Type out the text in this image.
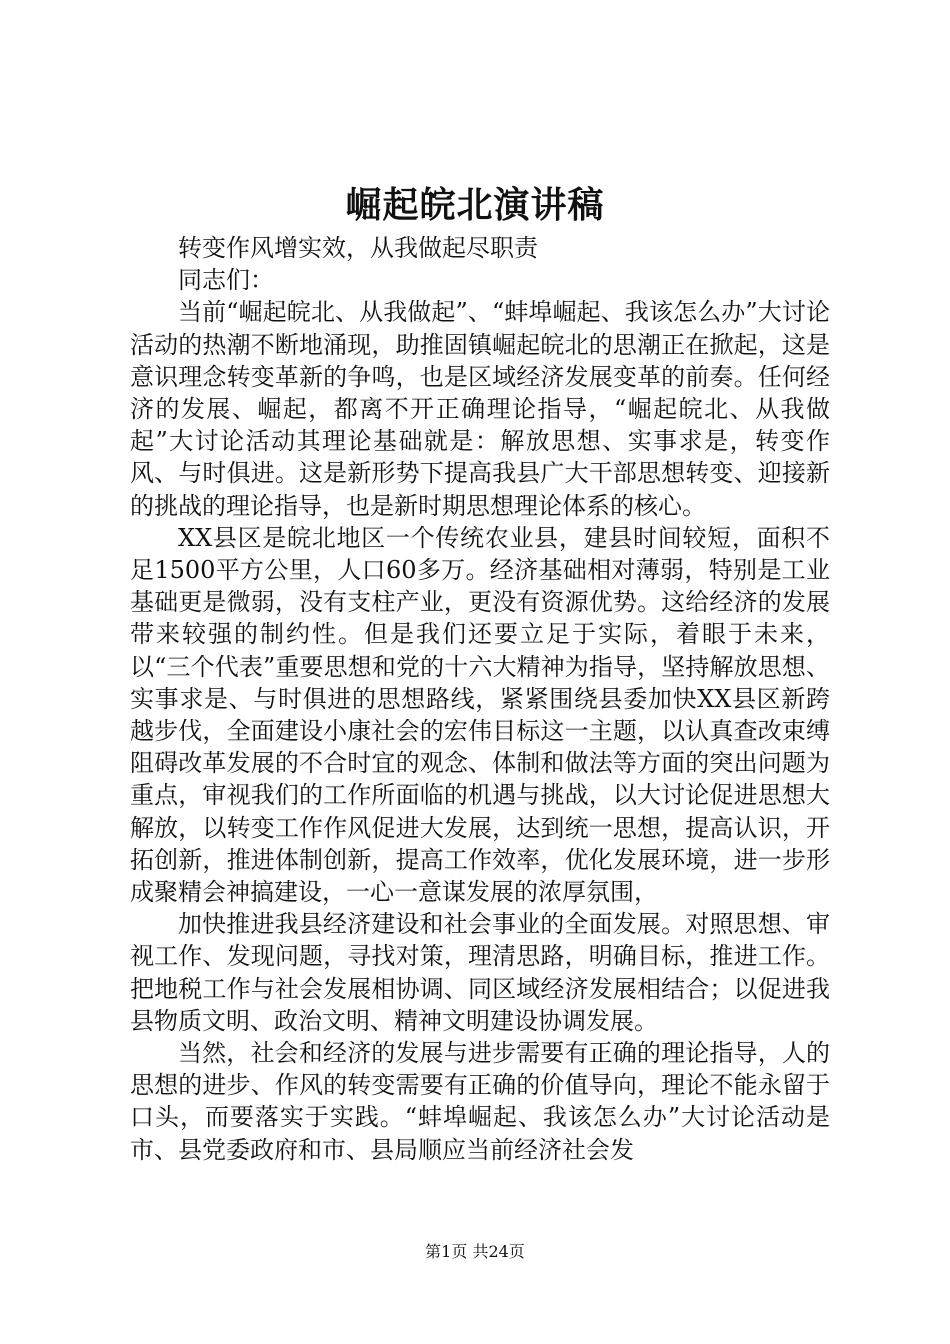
崛起皖北演讲稿

转变作风增实效，从我做起尽职责

同志们：

当前“崛起皖北、从我做起”、“蚌埠崛起、我该怎么办”大讨论活动的热潮不断地涌现，助推固镇崛起皖北的思潮正在掀起，这是意识理念转变革新的争鸣，也是区域经济发展变革的前奏。任何经济的发展、崛起，都离不开正确理论指导，“崛起皖北、从我做起”大讨论活动其理论基础就是：解放思想、实事求是，转变作风、与时俱进。这是新形势下提高我县广大干部思想转变、迎接新的挑战的理论指导，也是新时期思想理论体系的核心。

XX县区是皖北地区一个传统农业县，建县时间较短，面积不足1500平方公里，人口60多万。经济基础相对薄弱，特别是工业基础更是微弱，没有支柱产业，更没有资源优势。这给经济的发展带来较强的制约性。但是我们还要立足于实际，着眼于未来，以“三个代表”重要思想和党的十六大精神为指导，坚持解放思想、实事求是、与时俱进的思想路线，紧紧围绕县委加快XX县区新跨越步伐，全面建设小康社会的宏伟目标这一主题，以认真查改束缚阻碍改革发展的不合时宜的观念、体制和做法等方面的突出问题为重点，审视我们的工作所面临的机遇与挑战，以大讨论促进思想大解放，以转变工作作风促进大发展，达到统一思想，提高认识，开拓创新，推进体制创新，提高工作效率，优化发展环境，进一步形成聚精会神搞建设，一心一意谋发展的浓厚氛围，

加快推进我县经济建设和社会事业的全面发展。对照思想、审视工作、发现问题，寻找对策，理清思路，明确目标，推进工作。把地税工作与社会发展相协调、同区域经济发展相结合；以促进我县物质文明、政治文明、精神文明建设协调发展。

当然，社会和经济的发展与进步需要有正确的理论指导，人的思想的进步、作风的转变需要有正确的价值导向，理论不能永留于口头，而要落实于实践。“蚌埠崛起、我该怎么办”大讨论活动是市、县党委政府和市、县局顺应当前经济社会发

第1页 共24页
